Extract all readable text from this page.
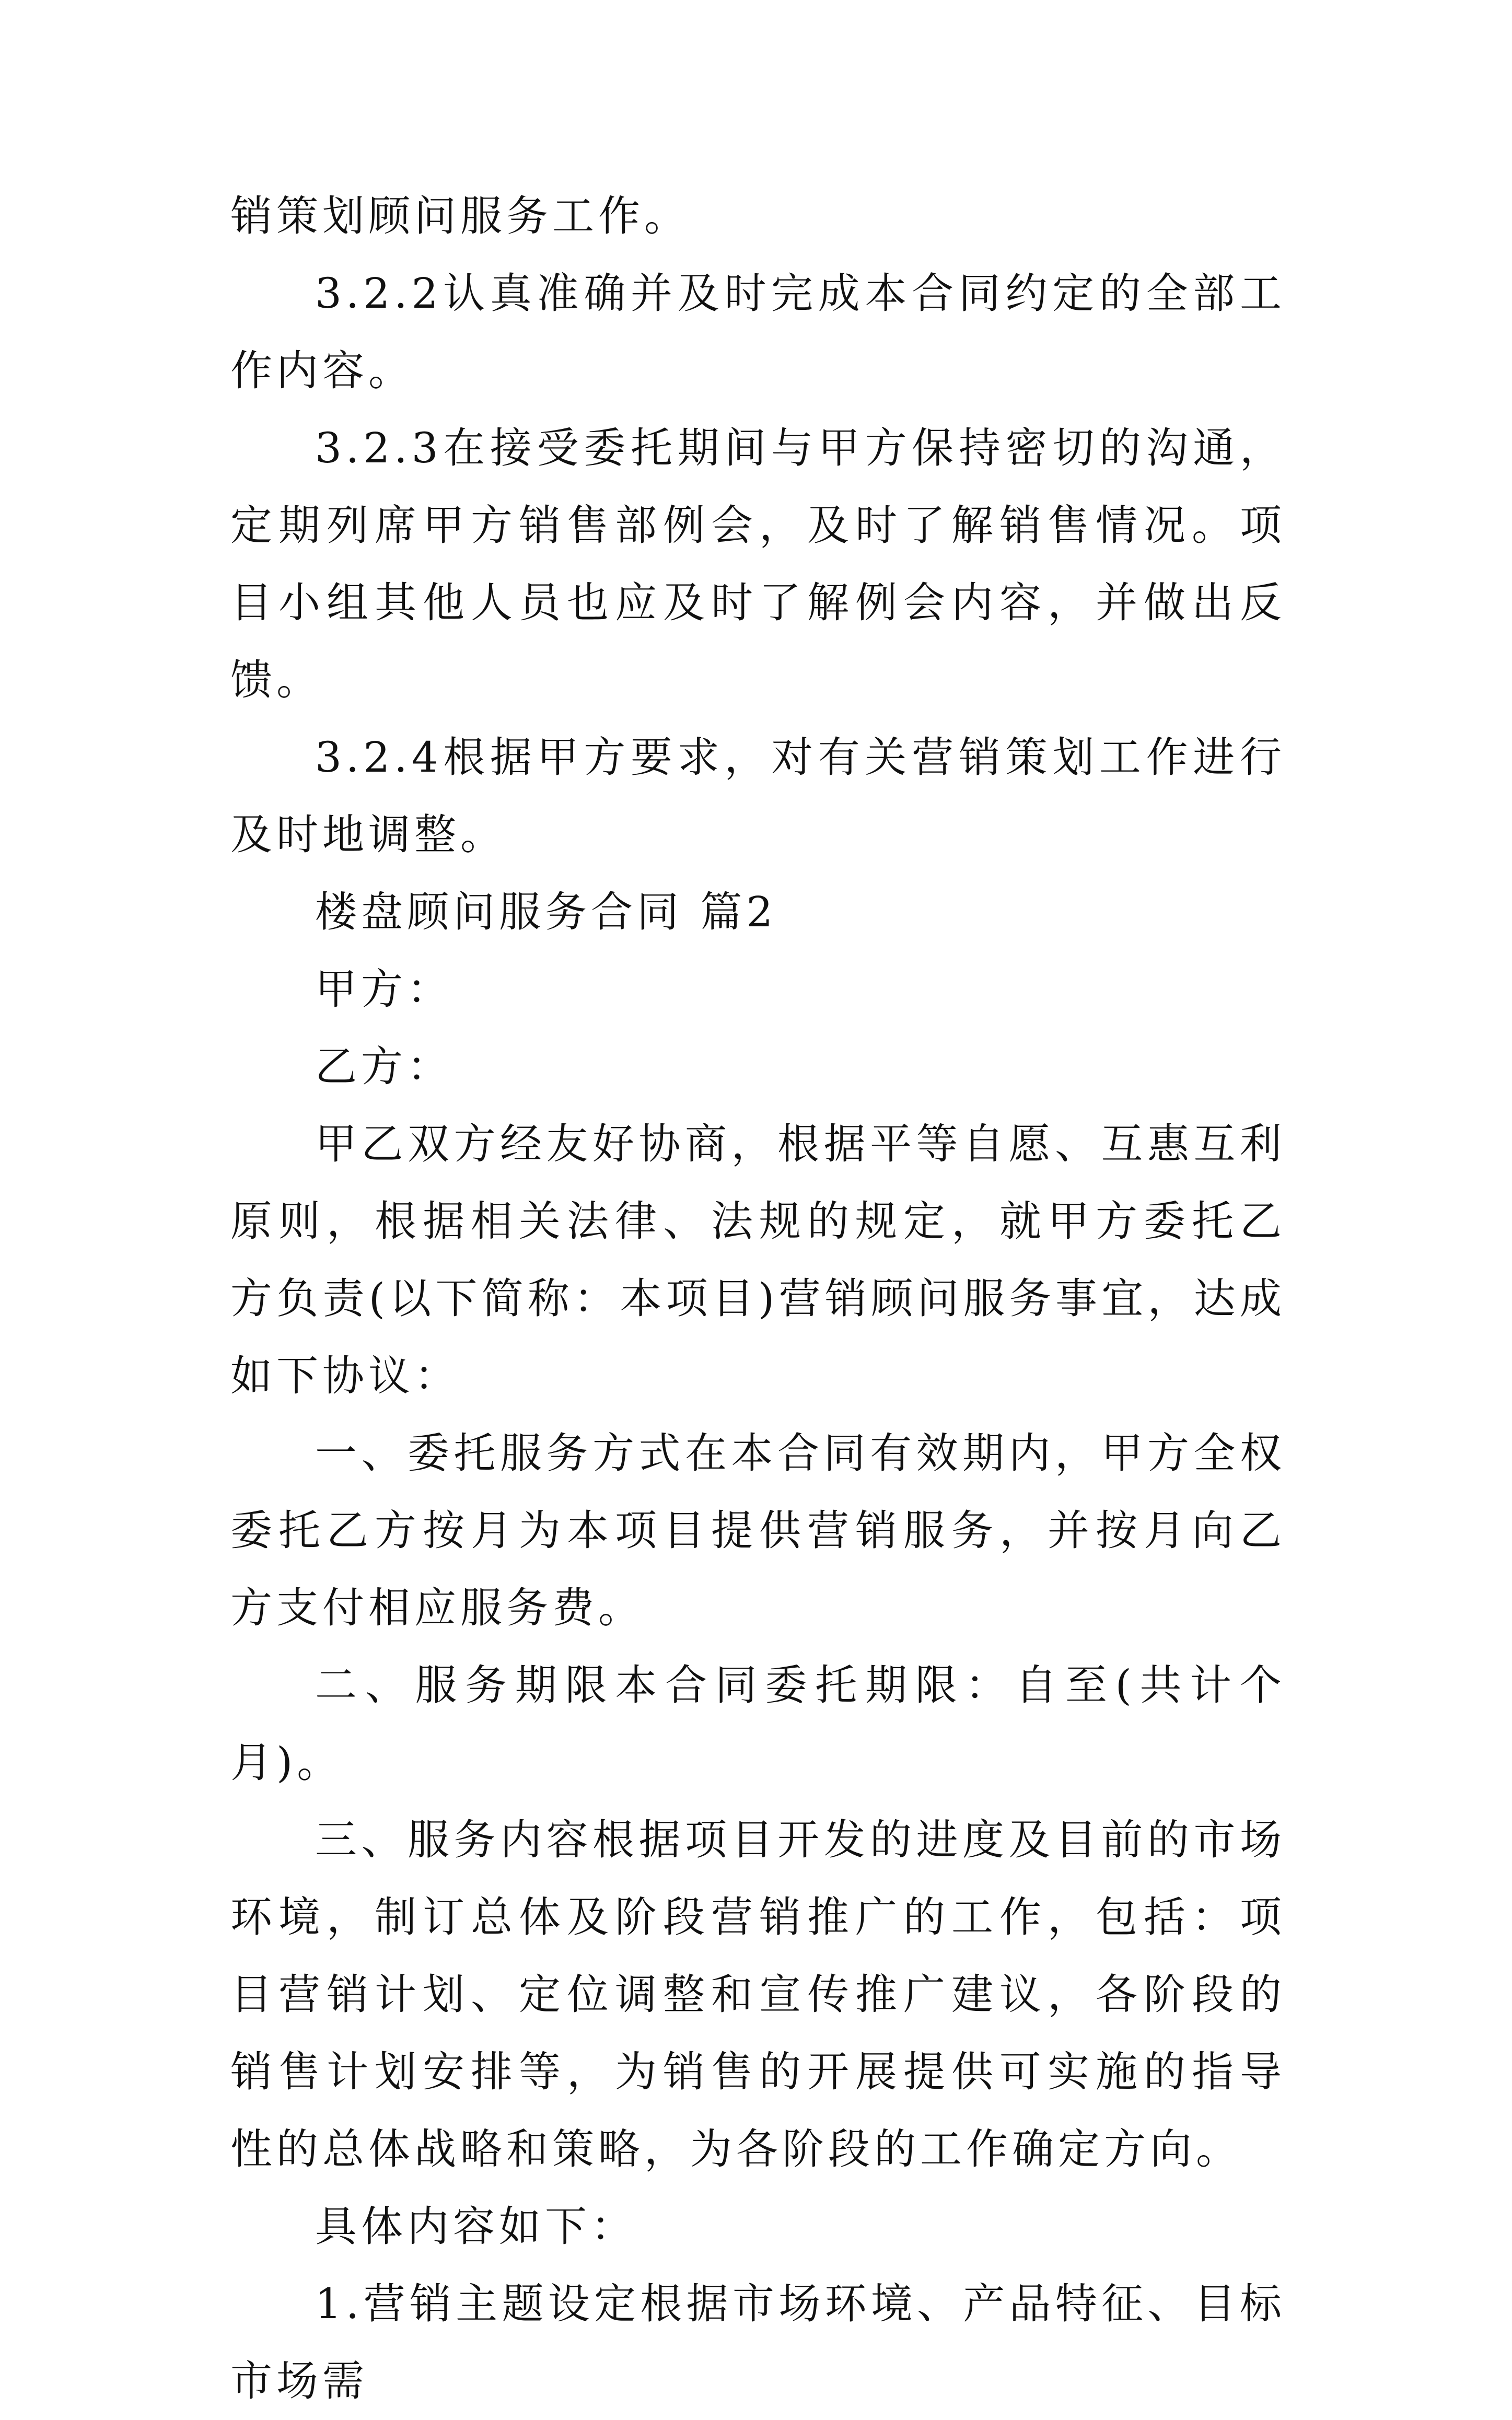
销策划顾问服务工作。

3.2.2认真准确并及时完成本合同约定的全部工作内容。

3.2.3在接受委托期间与甲方保持密切的沟通，定期列席甲方销售部例会，及时了解销售情况。项目小组其他人员也应及时了解例会内容，并做出反馈。

3.2.4根据甲方要求，对有关营销策划工作进行及时地调整。

楼盘顾问服务合同 篇2

甲方：

乙方：

甲乙双方经友好协商，根据平等自愿、互惠互利原则，根据相关法律、法规的规定，就甲方委托乙方负责(以下简称：本项目)营销顾问服务事宜，达成如下协议：

一、委托服务方式在本合同有效期内，甲方全权委托乙方按月为本项目提供营销服务，并按月向乙方支付相应服务费。

二、服务期限本合同委托期限：自至(共计个月)。

三、服务内容根据项目开发的进度及目前的市场环境，制订总体及阶段营销推广的工作，包括：项目营销计划、定位调整和宣传推广建议，各阶段的销售计划安排等，为销售的开展提供可实施的指导性的总体战略和策略，为各阶段的工作确定方向。

具体内容如下：

1.营销主题设定根据市场环境、产品特征、目标市场需
